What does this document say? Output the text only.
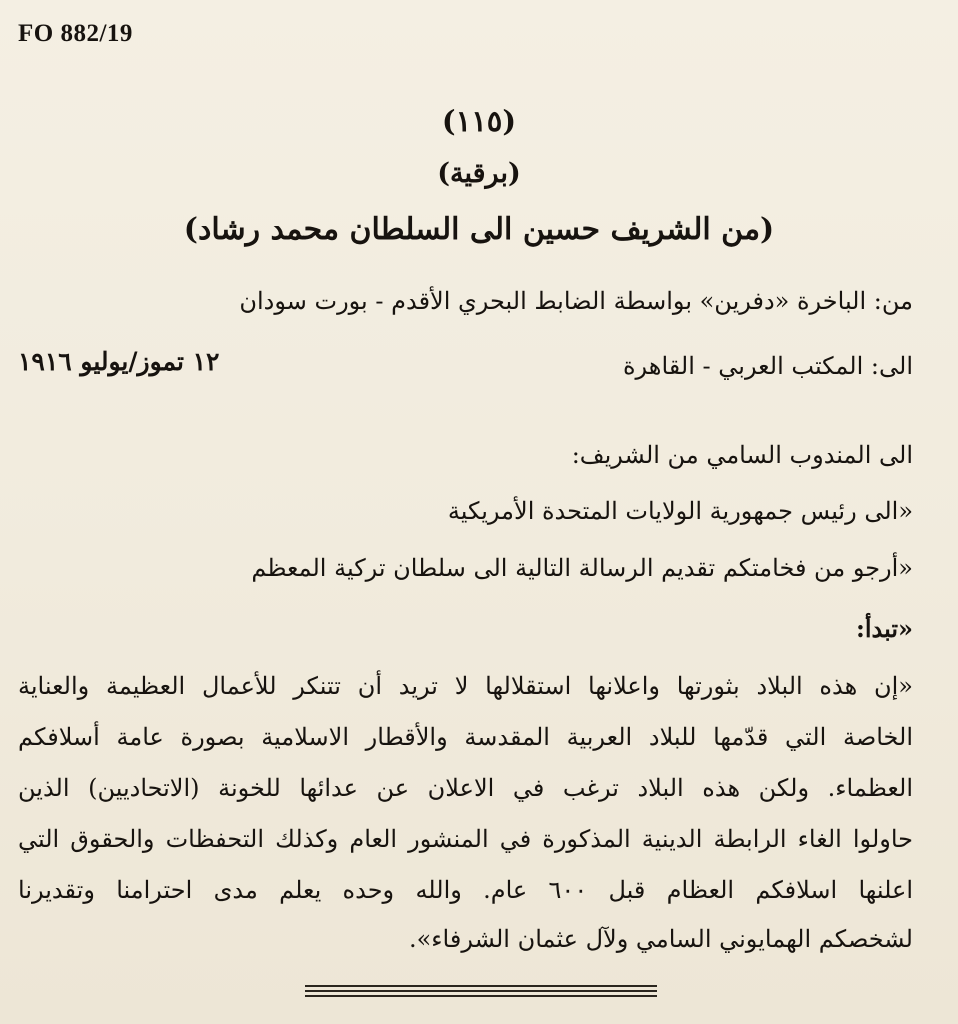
FO 882/19
(١١٥)
(برقية)
(من الشريف حسين الى السلطان محمد رشاد)
من: الباخرة «دفرين» بواسطة الضابط البحري الأقدم - بورت سودان
١٢ تموز/يوليو ١٩١٦	الى: المكتب العربي - القاهرة
الى المندوب السامي من الشريف:
«الى رئيس جمهورية الولايات المتحدة الأمريكية
«أرجو من فخامتكم تقديم الرسالة التالية الى سلطان تركية المعظم
«تبدأ:
«إن هذه البلاد بثورتها واعلانها استقلالها لا تريد أن تتنكر للأعمال العظيمة والعناية
الخاصة التي قدّمها للبلاد العربية المقدسة والأقطار الاسلامية بصورة عامة أسلافكم
العظماء. ولكن هذه البلاد ترغب في الاعلان عن عدائها للخونة (الاتحاديين) الذين
حاولوا الغاء الرابطة الدينية المذكورة في المنشور العام وكذلك التحفظات والحقوق التي
اعلنها اسلافكم العظام قبل ٦٠٠ عام. والله وحده يعلم مدى احترامنا وتقديرنا
لشخصكم الهمايوني السامي ولآل عثمان الشرفاء».
